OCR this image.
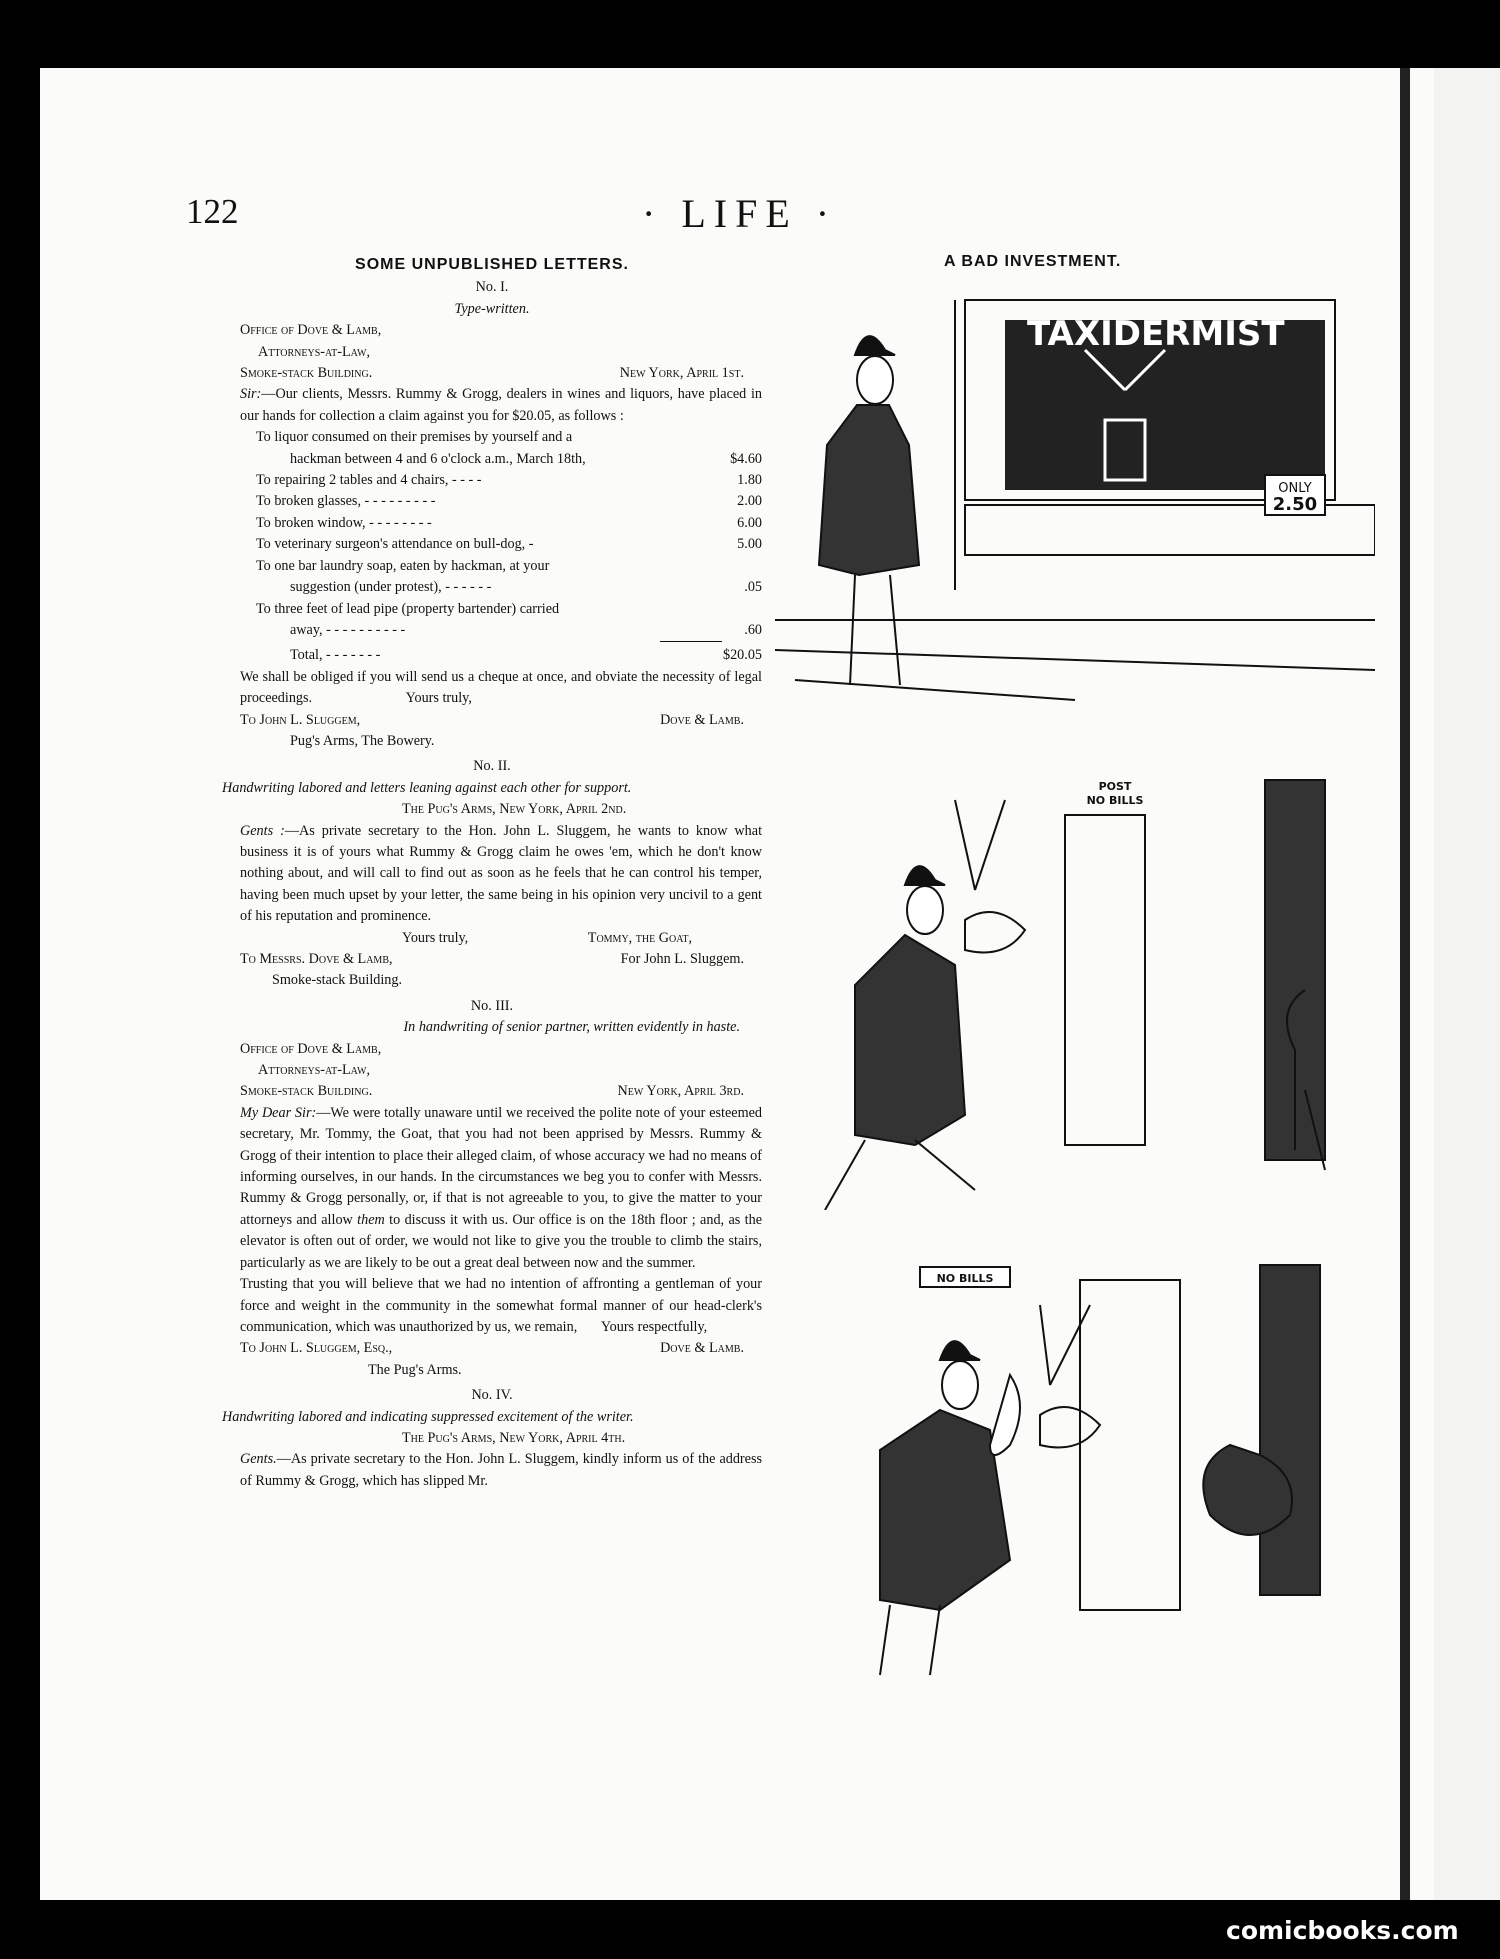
122	· LIFE ·
SOME UNPUBLISHED LETTERS.
No. I.
Type-written.
Office of Dove & Lamb,
Attorneys-at-Law,
Smoke-stack Building.	New York, April 1st.
Sir:—Our clients, Messrs. Rummy & Grogg, dealers in wines and liquors, have placed in our hands for collection a claim against you for $20.05, as follows :
To liquor consumed on their premises by yourself and a
hackman between 4 and 6 o'clock a.m., March 18th,	$4.60
To repairing 2 tables and 4 chairs, - - - -	1.80
To broken glasses, - - - - - - - - -	2.00
To broken window, - - - - - - - -	6.00
To veterinary surgeon's attendance on bull-dog, -	5.00
To one bar laundry soap, eaten by hackman, at your
suggestion (under protest), - - - - - -	.05
To three feet of lead pipe (property bartender) carried
away, - - - - - - - - - -	.60
Total, - - - - - - -	$20.05
We shall be obliged if you will send us a cheque at once, and obviate the necessity of legal proceedings.	Yours truly,
To John L. Sluggem,	Dove & Lamb.
Pug's Arms, The Bowery.
No. II.
Handwriting labored and letters leaning against each other for support.
The Pug's Arms, New York, April 2nd.
Gents :—As private secretary to the Hon. John L. Sluggem, he wants to know what business it is of yours what Rummy & Grogg claim he owes 'em, which he don't know nothing about, and will call to find out as soon as he feels that he can control his temper, having been much upset by your letter, the same being in his opinion very uncivil to a gent of his reputation and prominence.
Yours truly,	Tommy, the Goat,
To Messrs. Dove & Lamb,	For John L. Sluggem.
Smoke-stack Building.
No. III.
In handwriting of senior partner, written evidently in haste.
Office of Dove & Lamb,
Attorneys-at-Law,
Smoke-stack Building.	New York, April 3rd.
My Dear Sir:—We were totally unaware until we received the polite note of your esteemed secretary, Mr. Tommy, the Goat, that you had not been apprised by Messrs. Rummy & Grogg of their intention to place their alleged claim, of whose accuracy we had no means of informing ourselves, in our hands. In the circumstances we beg you to confer with Messrs. Rummy & Grogg personally, or, if that is not agreeable to you, to give the matter to your attorneys and allow them to discuss it with us. Our office is on the 18th floor ; and, as the elevator is often out of order, we would not like to give you the trouble to climb the stairs, particularly as we are likely to be out a great deal between now and the summer.
Trusting that you will believe that we had no intention of affronting a gentleman of your force and weight in the community in the somewhat formal manner of our head-clerk's communication, which was unauthorized by us, we remain, Yours respectfully,
To John L. Sluggem, Esq.,	Dove & Lamb.
The Pug's Arms.
No. IV.
Handwriting labored and indicating suppressed excitement of the writer.
The Pug's Arms, New York, April 4th.
Gents.—As private secretary to the Hon. John L. Sluggem, kindly inform us of the address of Rummy & Grogg, which has slipped Mr.
A BAD INVESTMENT.
TAXIDERMIST
ONLY
2.50
POST
NO BILLS
NO BILLS
comicbooks.com
